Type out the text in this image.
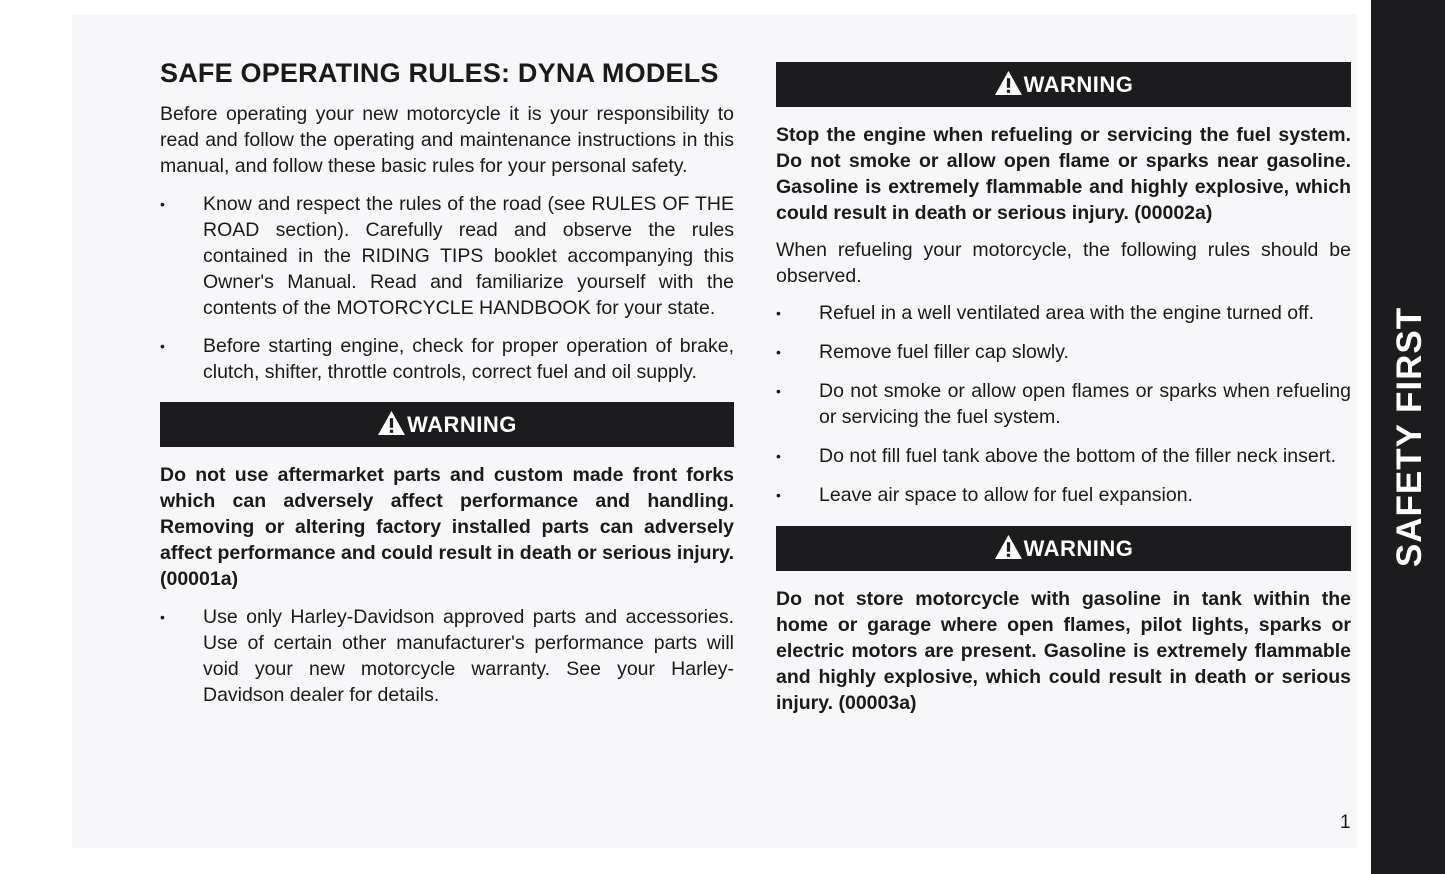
SAFETY FIRST
SAFE OPERATING RULES: DYNA MODELS

Before operating your new motorcycle it is your responsibility to read and follow the operating and maintenance instructions in this manual, and follow these basic rules for your personal safety.

•	Know and respect the rules of the road (see RULES OF THE ROAD section). Carefully read and observe the rules contained in the RIDING TIPS booklet accompanying this Owner's Manual. Read and familiarize yourself with the contents of the MOTORCYCLE HANDBOOK for your state.
•	Before starting engine, check for proper operation of brake, clutch, shifter, throttle controls, correct fuel and oil supply.
WARNING

Do not use aftermarket parts and custom made front forks which can adversely affect performance and handling. Removing or altering factory installed parts can adversely affect performance and could result in death or serious injury. (00001a)

•	Use only Harley-Davidson approved parts and accessories. Use of certain other manufacturer's performance parts will void your new motorcycle warranty. See your Harley-Davidson dealer for details.
WARNING

Stop the engine when refueling or servicing the fuel system. Do not smoke or allow open flame or sparks near gasoline. Gasoline is extremely flammable and highly explosive, which could result in death or serious injury. (00002a)

When refueling your motorcycle, the following rules should be observed.

•	Refuel in a well ventilated area with the engine turned off.
•	Remove fuel filler cap slowly.
•	Do not smoke or allow open flames or sparks when refueling or servicing the fuel system.
•	Do not fill fuel tank above the bottom of the filler neck insert.
•	Leave air space to allow for fuel expansion.
WARNING

Do not store motorcycle with gasoline in tank within the home or garage where open flames, pilot lights, sparks or electric motors are present. Gasoline is extremely flammable and highly explosive, which could result in death or serious injury. (00003a)

1
